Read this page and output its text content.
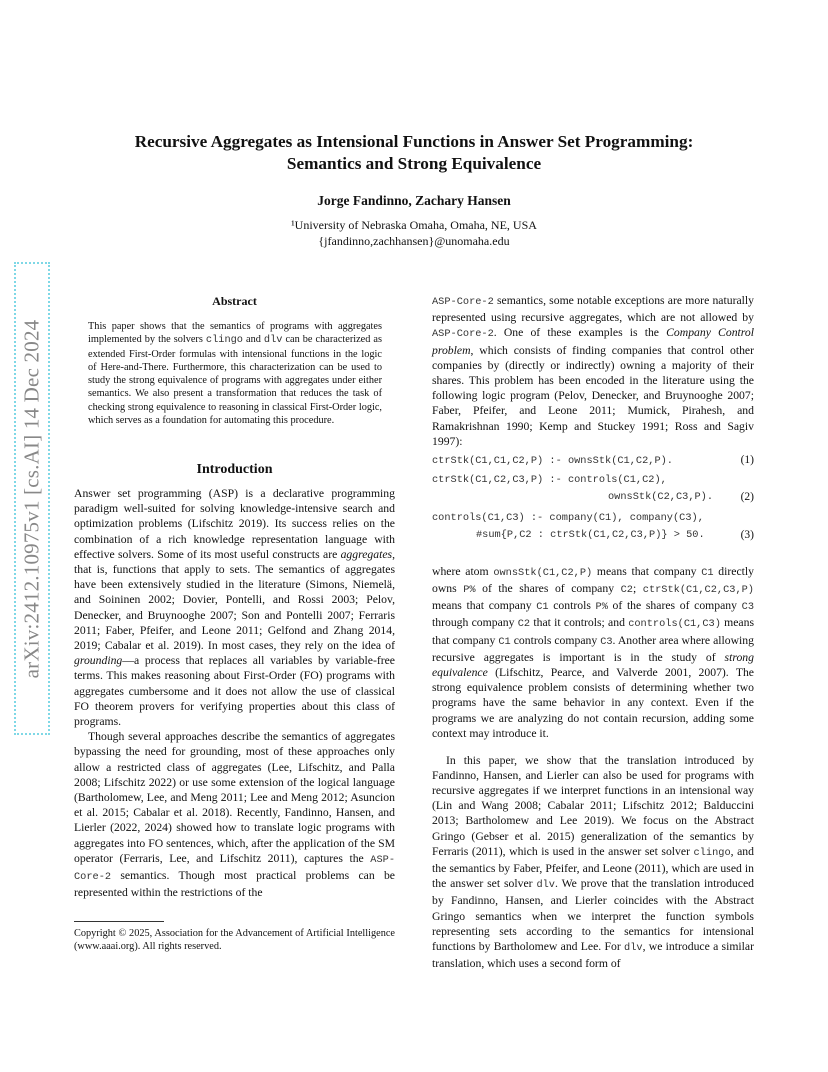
arXiv:2412.10975v1 [cs.AI] 14 Dec 2024
Recursive Aggregates as Intensional Functions in Answer Set Programming:
Semantics and Strong Equivalence
Jorge Fandinno, Zachary Hansen
¹University of Nebraska Omaha, Omaha, NE, USA
{jfandinno,zachhansen}@unomaha.edu
Abstract
This paper shows that the semantics of programs with aggregates implemented by the solvers clingo and dlv can be characterized as extended First-Order formulas with intensional functions in the logic of Here-and-There. Furthermore, this characterization can be used to study the strong equivalence of programs with aggregates under either semantics. We also present a transformation that reduces the task of checking strong equivalence to reasoning in classical First-Order logic, which serves as a foundation for automating this procedure.
Introduction

Answer set programming (ASP) is a declarative programming paradigm well-suited for solving knowledge-intensive search and optimization problems (Lifschitz 2019). Its success relies on the combination of a rich knowledge representation language with effective solvers. Some of its most useful constructs are aggregates, that is, functions that apply to sets. The semantics of aggregates have been extensively studied in the literature (Simons, Niemelä, and Soininen 2002; Dovier, Pontelli, and Rossi 2003; Pelov, Denecker, and Bruynooghe 2007; Son and Pontelli 2007; Ferraris 2011; Faber, Pfeifer, and Leone 2011; Gelfond and Zhang 2014, 2019; Cabalar et al. 2019). In most cases, they rely on the idea of grounding—a process that replaces all variables by variable-free terms. This makes reasoning about First-Order (FO) programs with aggregates cumbersome and it does not allow the use of classical FO theorem provers for verifying properties about this class of programs.

Though several approaches describe the semantics of aggregates bypassing the need for grounding, most of these approaches only allow a restricted class of aggregates (Lee, Lifschitz, and Palla 2008; Lifschitz 2022) or use some extension of the logical language (Bartholomew, Lee, and Meng 2011; Lee and Meng 2012; Asuncion et al. 2015; Cabalar et al. 2018). Recently, Fandinno, Hansen, and Lierler (2022, 2024) showed how to translate logic programs with aggregates into FO sentences, which, after the application of the SM operator (Ferraris, Lee, and Lifschitz 2011), captures the ASP-Core-2 semantics. Though most practical problems can be represented within the restrictions of the

Copyright © 2025, Association for the Advancement of Artificial Intelligence (www.aaai.org). All rights reserved.
ASP-Core-2 semantics, some notable exceptions are more naturally represented using recursive aggregates, which are not allowed by ASP-Core-2. One of these examples is the Company Control problem, which consists of finding companies that control other companies by (directly or indirectly) owning a majority of their shares. This problem has been encoded in the literature using the following logic program (Pelov, Denecker, and Bruynooghe 2007; Faber, Pfeifer, and Leone 2011; Mumick, Pirahesh, and Ramakrishnan 1990; Kemp and Stuckey 1991; Ross and Sagiv 1997):
ctrStk(C1,C1,C2,P) :- ownsStk(C1,C2,P).	(1)
ctrStk(C1,C2,C3,P) :- controls(C1,C2),
ownsStk(C2,C3,P). (2)
controls(C1,C3) :- company(C1), company(C3),
#sum{P,C2 : ctrStk(C1,C2,C3,P)} > 50.	(3)

where atom ownsStk(C1,C2,P) means that company C1 directly owns P% of the shares of company C2; ctrStk(C1,C2,C3,P) means that company C1 controls P% of the shares of company C3 through company C2 that it controls; and controls(C1,C3) means that company C1 controls company C3. Another area where allowing recursive aggregates is important is in the study of strong equivalence (Lifschitz, Pearce, and Valverde 2001, 2007). The strong equivalence problem consists of determining whether two programs have the same behavior in any context. Even if the programs we are analyzing do not contain recursion, adding some context may introduce it.

In this paper, we show that the translation introduced by Fandinno, Hansen, and Lierler can also be used for programs with recursive aggregates if we interpret functions in an intensional way (Lin and Wang 2008; Cabalar 2011; Lifschitz 2012; Balduccini 2013; Bartholomew and Lee 2019). We focus on the Abstract Gringo (Gebser et al. 2015) generalization of the semantics by Ferraris (2011), which is used in the answer set solver clingo, and the semantics by Faber, Pfeifer, and Leone (2011), which are used in the answer set solver dlv. We prove that the translation introduced by Fandinno, Hansen, and Lierler coincides with the Abstract Gringo semantics when we interpret the function symbols representing sets according to the semantics for intensional functions by Bartholomew and Lee. For dlv, we introduce a similar translation, which uses a second form of
